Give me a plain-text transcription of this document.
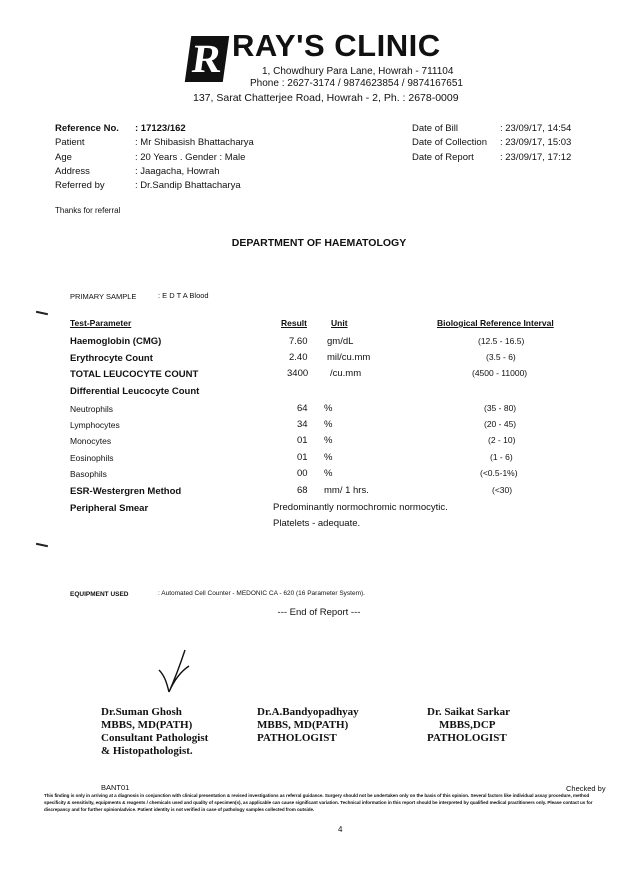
R RAY'S CLINIC
1, Chowdhury Para Lane, Howrah - 711104
Phone : 2627-3174 / 9874623854 / 9874167651
137, Sarat Chatterjee Road, Howrah - 2, Ph. : 2678-0009
Reference No. : 17123/162
Patient	: Mr Shibasish Bhattacharya
Age	: 20 Years . Gender : Male
Address	: Jaagacha, Howrah
Referred by	: Dr.Sandip Bhattacharya
Date of Bill	: 23/09/17, 14:54
Date of Collection : 23/09/17, 15:03
Date of Report	: 23/09/17, 17:12
Thanks for referral
DEPARTMENT OF HAEMATOLOGY
PRIMARY SAMPLE	: E D T A Blood
Test-Parameter	Result	Unit	Biological Reference Interval
Haemoglobin (CMG)	7.60 gm/dL	(12.5 - 16.5)
Erythrocyte Count	2.40 mil/cu.mm	(3.5 - 6)
TOTAL LEUCOCYTE COUNT	3400 /cu.mm	(4500 - 11000)
Differential Leucocyte Count
Neutrophils	64 %	(35 - 80)
Lymphocytes	34 %	(20 - 45)
Monocytes	01 %	(2 - 10)
Eosinophils	01 %	(1 - 6)
Basophils	00 %	(<0.5-1%)
ESR-Westergren Method	68 mm/ 1 hrs.	(<30)
Peripheral Smear	Predominantly normochromic normocytic.
Platelets - adequate.
EQUIPMENT USED	: Automated Cell Counter - MEDONIC CA - 620 (16 Parameter System).
--- End of Report ---
Dr.Suman Ghosh
MBBS, MD(PATH)
Consultant Pathologist
& Histopathologist.
Dr.A.Bandyopadhyay
MBBS, MD(PATH)
PATHOLOGIST
Dr. Saikat Sarkar
MBBS,DCP
PATHOLOGIST
BANT01	Checked by
This finding is only in arriving at a diagnosis in conjunction with clinical presentation & revised investigations as referral guidance. Surgery should not be undertaken only on the basis of this opinion. Several factors like individual assay procedure, method specificity & sensitivity, equipments & reagents / chemicals used and quality of specimen(s), as applicable can cause significant variation. Technical information in this report should be interpreted by qualified medical practitioners only. Please contact us for discrepancy and for further opinion/advice. Patient identity is not verified in case of pathology samples collected from outside.
4
